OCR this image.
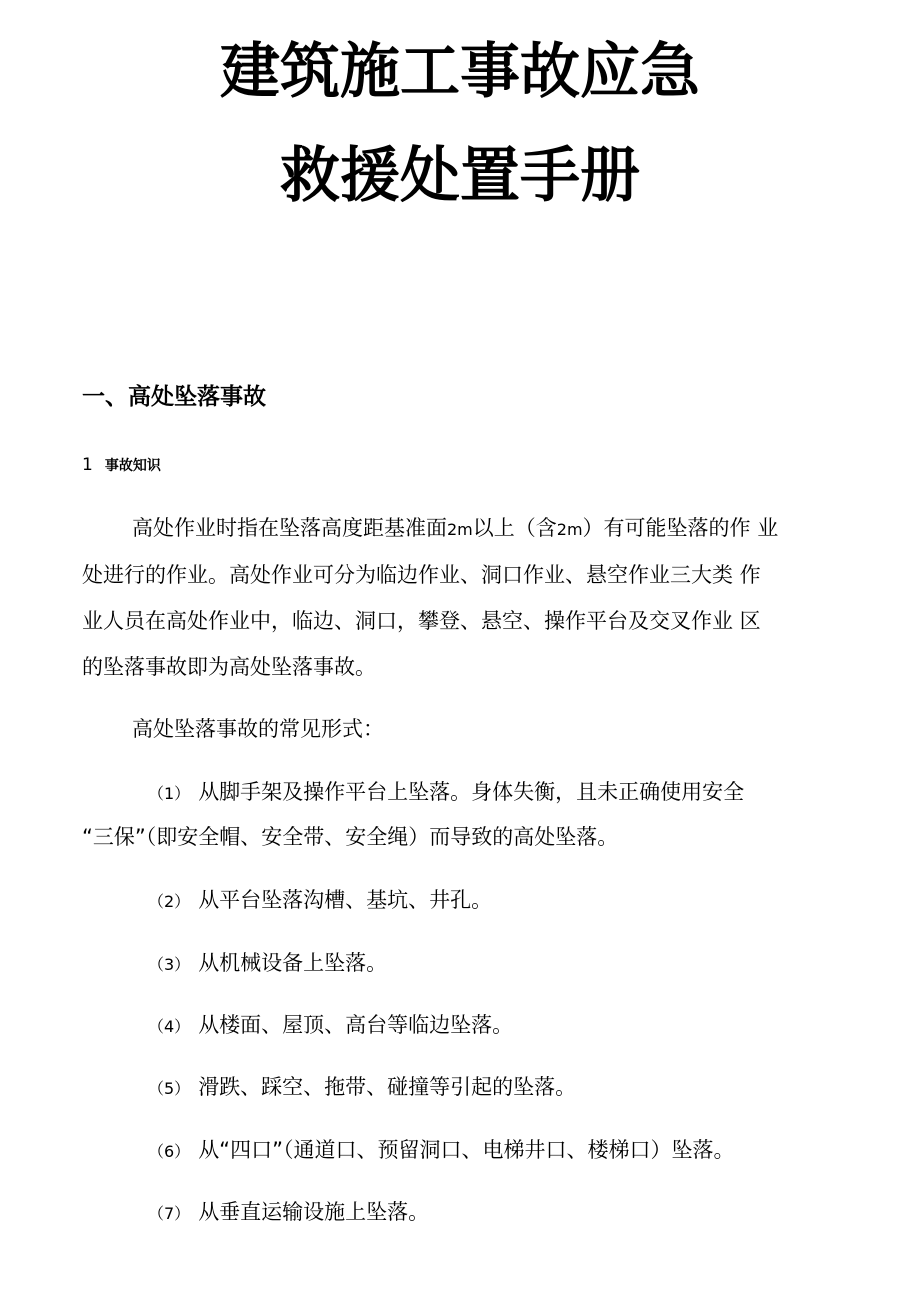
建筑施工事故应急
救援处置手册
一、高处坠落事故
1 事故知识
高处作业时指在坠落高度距基准面2m以上（含2m）有可能坠落的作 业
处进行的作业。高处作业可分为临边作业、洞口作业、悬空作业三大类 作
业人员在高处作业中，临边、洞口，攀登、悬空、操作平台及交叉作业 区
的坠落事故即为高处坠落事故。
高处坠落事故的常见形式：
（1） 从脚手架及操作平台上坠落。身体失衡，且未正确使用安全
“三保”（即安全帽、安全带、安全绳）而导致的高处坠落。
（2） 从平台坠落沟槽、基坑、井孔。
（3） 从机械设备上坠落。
（4） 从楼面、屋顶、高台等临边坠落。
（5） 滑跌、踩空、拖带、碰撞等引起的坠落。
（6） 从“四口”（通道口、预留洞口、电梯井口、楼梯口）坠落。
（7） 从垂直运输设施上坠落。
